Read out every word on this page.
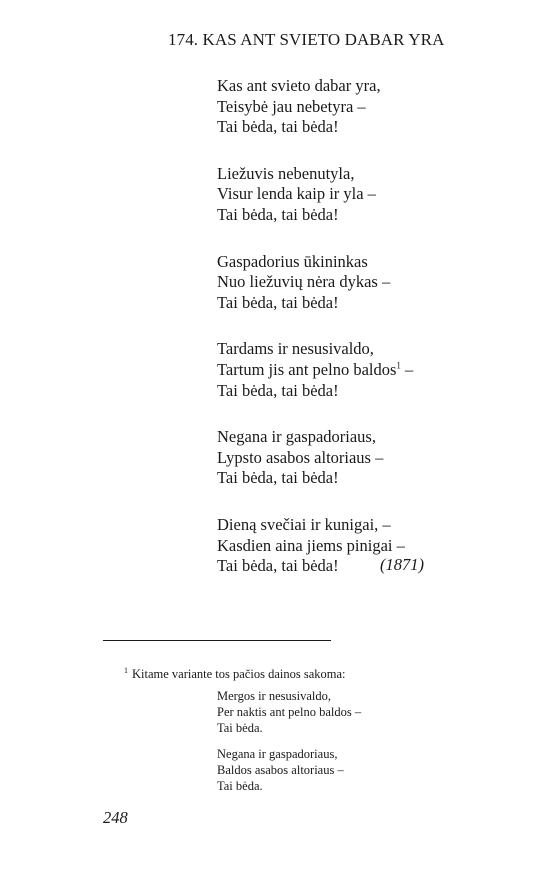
174. KAS ANT SVIETO DABAR YRA
Kas ant svieto dabar yra,
Teisybė jau nebetyra –
Tai bėda, tai bėda!
Liežuvis nebenutyla,
Visur lenda kaip ir yla –
Tai bėda, tai bėda!
Gaspadorius ūkininkas
Nuo liežuvių nėra dykas –
Tai bėda, tai bėda!
Tardams ir nesusivaldo,
Tartum jis ant pelno baldos$^1$ –
Tai bėda, tai bėda!
Negana ir gaspadoriaus,
Lypsto asabos altoriaus –
Tai bėda, tai bėda!
Dieną svečiai ir kunigai, –
Kasdien aina jiems pinigai –
Tai bėda, tai bėda!	(1871)
$^1$ Kitame variante tos pačios dainos sakoma:
Mergos ir nesusivaldo,
Per naktis ant pelno baldos –
Tai bėda.
Negana ir gaspadoriaus,
Baldos asabos altoriaus –
Tai bėda.
248
